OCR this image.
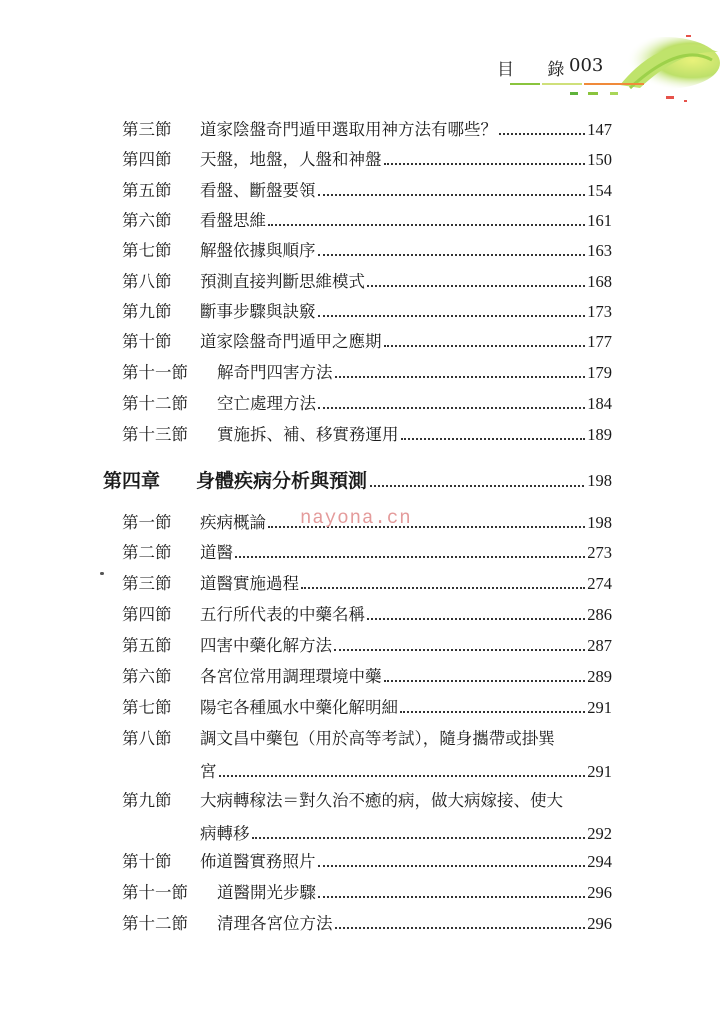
目 錄
003
第三節	道家陰盤奇門遁甲選取用神方法有哪些？	147
第四節	天盤，地盤，人盤和神盤	150
第五節	看盤、斷盤要領	154
第六節	看盤思維	161
第七節	解盤依據與順序	163
第八節	預測直接判斷思維模式	168
第九節	斷事步驟與訣竅	173
第十節	道家陰盤奇門遁甲之應期	177
第十一節	解奇門四害方法	179
第十二節	空亡處理方法	184
第十三節	實施拆、補、移實務運用	189
第四章	身體疾病分析與預測	198
第一節	疾病概論	198
第二節	道醫	273
第三節	道醫實施過程	274
第四節	五行所代表的中藥名稱	286
第五節	四害中藥化解方法	287
第六節	各宮位常用調理環境中藥	289
第七節	陽宅各種風水中藥化解明細	291
第八節	調文昌中藥包（用於高等考試），隨身攜帶或掛巽
宮	291
第九節	大病轉稼法＝對久治不癒的病，做大病嫁接、使大
病轉移	292
第十節	佈道醫實務照片	294
第十一節	道醫開光步驟	296
第十二節	清理各宮位方法	296
nayona.cn
